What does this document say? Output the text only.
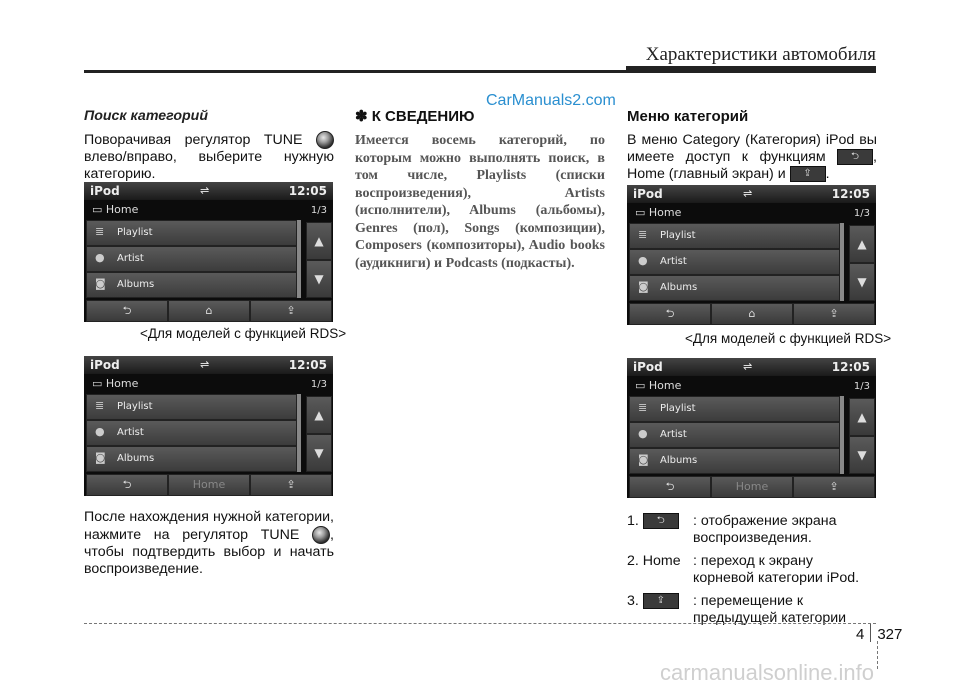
Характеристики автомобиля
CarManuals2.com

Поиск категорий

Поворачивая регулятор TUNE  влево/вправо, выберите нужную категорию.

iPod	⇌	12:05
▭ Home	1/3
≣ Playlist
● Artist
◙ Albums
▲
▼
⮌	⌂	⇪
<Для моделей с функцией RDS>
iPod	⇌	12:05
▭ Home	1/3
≣ Playlist
● Artist
◙ Albums
▲
▼
⮌	Home	⇪

После нахождения нужной категории, нажмите на регулятор TUNE , чтобы подтвердить выбор и начать воспроизведение.

✽ К СВЕДЕНИЮ

Имеется восемь категорий, по которым можно выполнять поиск, в том числе, Playlists (списки воспроизведения), Artists (исполнители), Albums (альбомы), Genres (пол), Songs (композиции), Composers (композиторы), Audio books (аудикниги) и Podcasts (подкасты).

Меню категорий

В меню Category (Категория) iPod вы имеете доступ к функциям	⮌ , Home (главный экран) и ⇪ .

iPod	⇌	12:05
▭ Home	1/3
≣ Playlist
● Artist
◙ Albums
▲
▼
⮌	⌂	⇪
<Для моделей с функцией RDS>
iPod	⇌	12:05
▭ Home	1/3
≣ Playlist
● Artist
◙ Albums
▲
▼
⮌	Home	⇪
1. ⮌	: отображение экрана воспроизведения.
2. Home : переход к экрану корневой категории iPod.
3. ⇪	: перемещение к предыдущей категории
4 327
carmanualsonline.info
